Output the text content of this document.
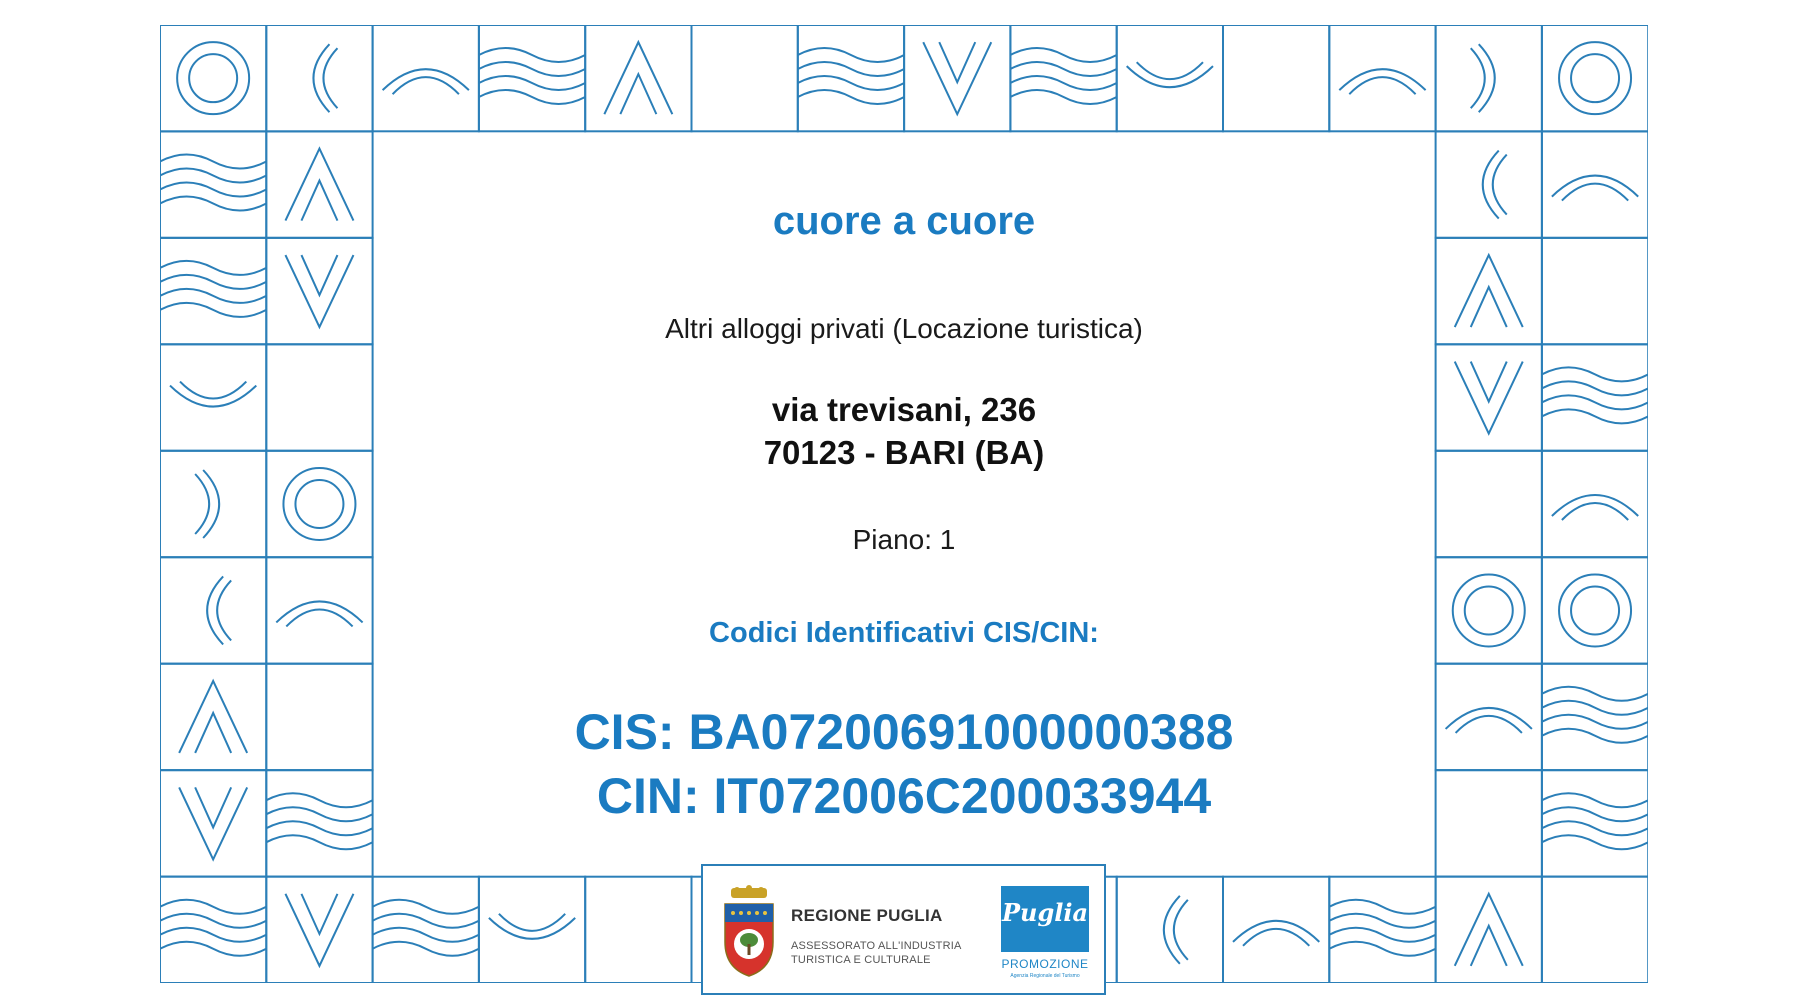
cuore a cuore

Altri alloggi privati (Locazione turistica)

via trevisani, 236

70123 - BARI (BA)

Piano: 1

Codici Identificativi CIS/CIN:

CIS: BA07200691000000388

CIN: IT072006C200033944

REGIONE PUGLIA
ASSESSORATO ALL'INDUSTRIA
TURISTICA E CULTURALE
Puglia
PROMOZIONE
Agenzia Regionale del Turismo
